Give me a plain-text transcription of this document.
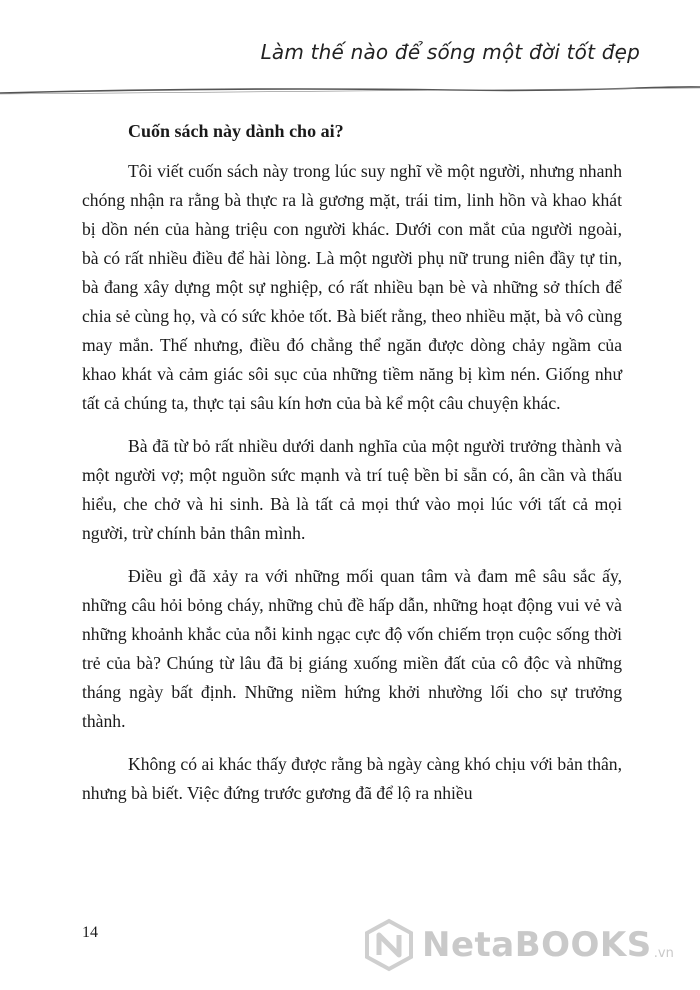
Làm thế nào để sống một đời tốt đẹp
Cuốn sách này dành cho ai?

Tôi viết cuốn sách này trong lúc suy nghĩ về một người, nhưng nhanh chóng nhận ra rằng bà thực ra là gương mặt, trái tim, linh hồn và khao khát bị dồn nén của hàng triệu con người khác. Dưới con mắt của người ngoài, bà có rất nhiều điều để hài lòng. Là một người phụ nữ trung niên đầy tự tin, bà đang xây dựng một sự nghiệp, có rất nhiều bạn bè và những sở thích để chia sẻ cùng họ, và có sức khỏe tốt. Bà biết rằng, theo nhiều mặt, bà vô cùng may mắn. Thế nhưng, điều đó chẳng thể ngăn được dòng chảy ngầm của khao khát và cảm giác sôi sục của những tiềm năng bị kìm nén. Giống như tất cả chúng ta, thực tại sâu kín hơn của bà kể một câu chuyện khác.

Bà đã từ bỏ rất nhiều dưới danh nghĩa của một người trưởng thành và một người vợ; một nguồn sức mạnh và trí tuệ bền bỉ sẵn có, ân cần và thấu hiểu, che chở và hi sinh. Bà là tất cả mọi thứ vào mọi lúc với tất cả mọi người, trừ chính bản thân mình.

Điều gì đã xảy ra với những mối quan tâm và đam mê sâu sắc ấy, những câu hỏi bỏng cháy, những chủ đề hấp dẫn, những hoạt động vui vẻ và những khoảnh khắc của nỗi kinh ngạc cực độ vốn chiếm trọn cuộc sống thời trẻ của bà? Chúng từ lâu đã bị giáng xuống miền đất của cô độc và những tháng ngày bất định. Những niềm hứng khởi nhường lối cho sự trưởng thành.

Không có ai khác thấy được rằng bà ngày càng khó chịu với bản thân, nhưng bà biết. Việc đứng trước gương đã để lộ ra nhiều

14	NetaBOOKS .vn
